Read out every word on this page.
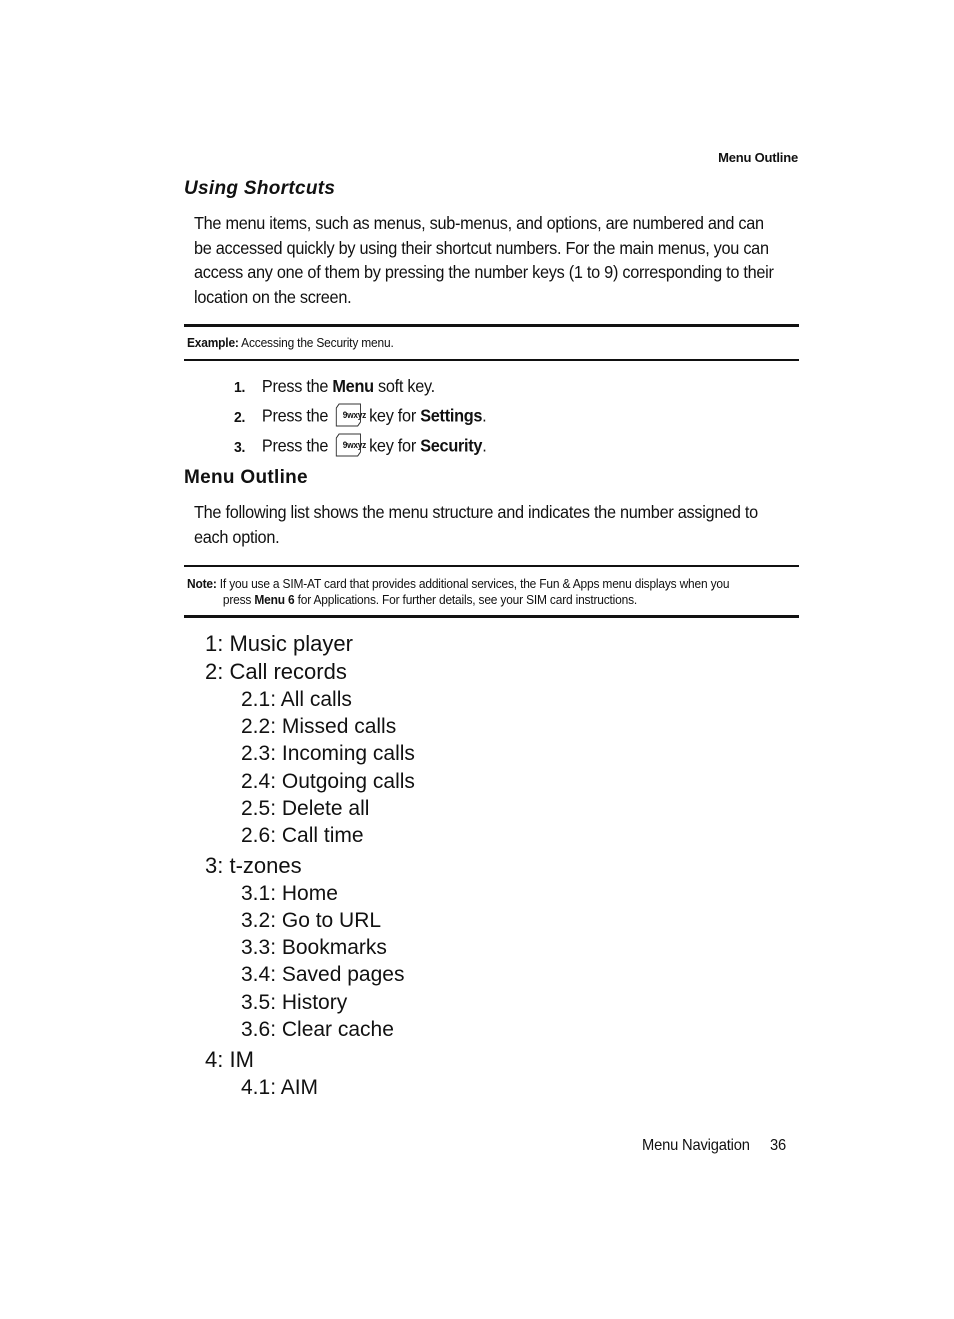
Menu Outline
Using Shortcuts
The menu items, such as menus, sub-menus, and options, are numbered and can
be accessed quickly by using their shortcut numbers. For the main menus, you can
access any one of them by pressing the number keys (1 to 9) corresponding to their
location on the screen.
Example: Accessing the Security menu.
1. Press the Menu soft key.
2. Press the 9wxyz key for Settings.
3. Press the 9wxyz key for Security.
Menu Outline
The following list shows the menu structure and indicates the number assigned to
each option.
Note: If you use a SIM-AT card that provides additional services, the Fun & Apps menu displays when you
press Menu 6 for Applications. For further details, see your SIM card instructions.
1: Music player
2: Call records
2.1: All calls
2.2: Missed calls
2.3: Incoming calls
2.4: Outgoing calls
2.5: Delete all
2.6: Call time
3: t-zones
3.1: Home
3.2: Go to URL
3.3: Bookmarks
3.4: Saved pages
3.5: History
3.6: Clear cache
4: IM
4.1: AIM
Menu Navigation 36
